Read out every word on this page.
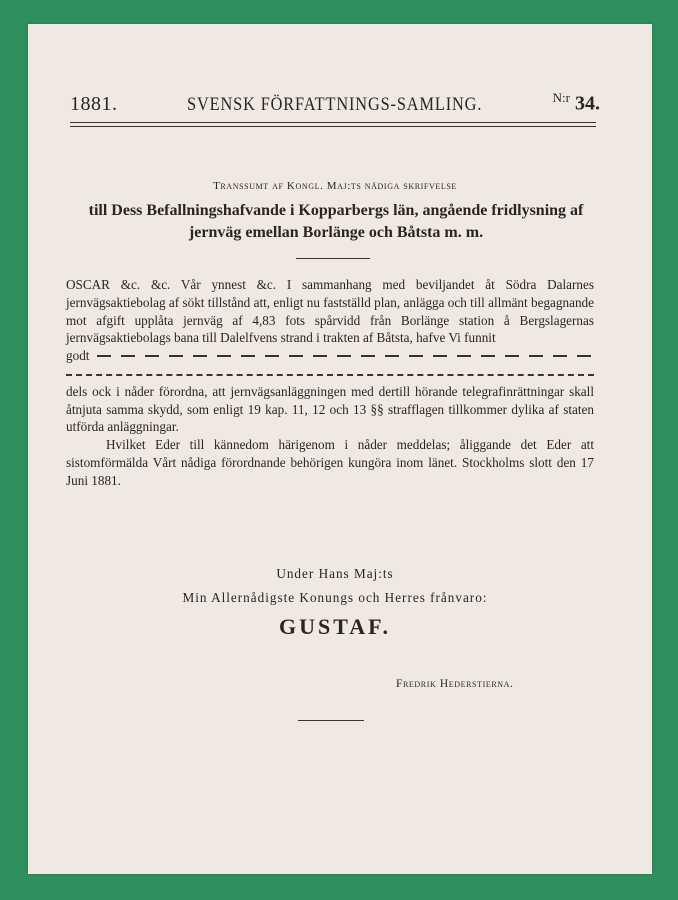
1881.	SVENSK FÖRFATTNINGS-SAMLING.	$^{N:r}$ 34.
Transsumt af Kongl. Maj:ts nådiga skrifvelse
till Dess Befallningshafvande i Kopparbergs län, angående fridlysning af jernväg emellan Borlänge och Båtsta m. m.

OSCAR &c. &c. Vår ynnest &c. I sammanhang med beviljandet åt Södra Dalarnes jernvägsaktiebolag af sökt tillstånd att, enligt nu fastställd plan, anlägga och till allmänt begagnande mot afgift upplåta jernväg af 4,83 fots spårvidd från Borlänge station å Bergslagernas jernvägsaktiebolags bana till Dalelfvens strand i trakten af Båtsta, hafve Vi funnit

godt

dels ock i nåder förordna, att jernvägsanläggningen med dertill hörande telegrafinrättningar skall åtnjuta samma skydd, som enligt 19 kap. 11, 12 och 13 §§ strafflagen tillkommer dylika af staten utförda anläggningar.

Hvilket Eder till kännedom härigenom i nåder meddelas; åliggande det Eder att sistomförmälda Vårt nådiga förordnande behörigen kungöra inom länet. Stockholms slott den 17 Juni 1881.

Under Hans Maj:ts
Min Allernådigste Konungs och Herres frånvaro:
GUSTAF.
Fredrik Hederstierna.
